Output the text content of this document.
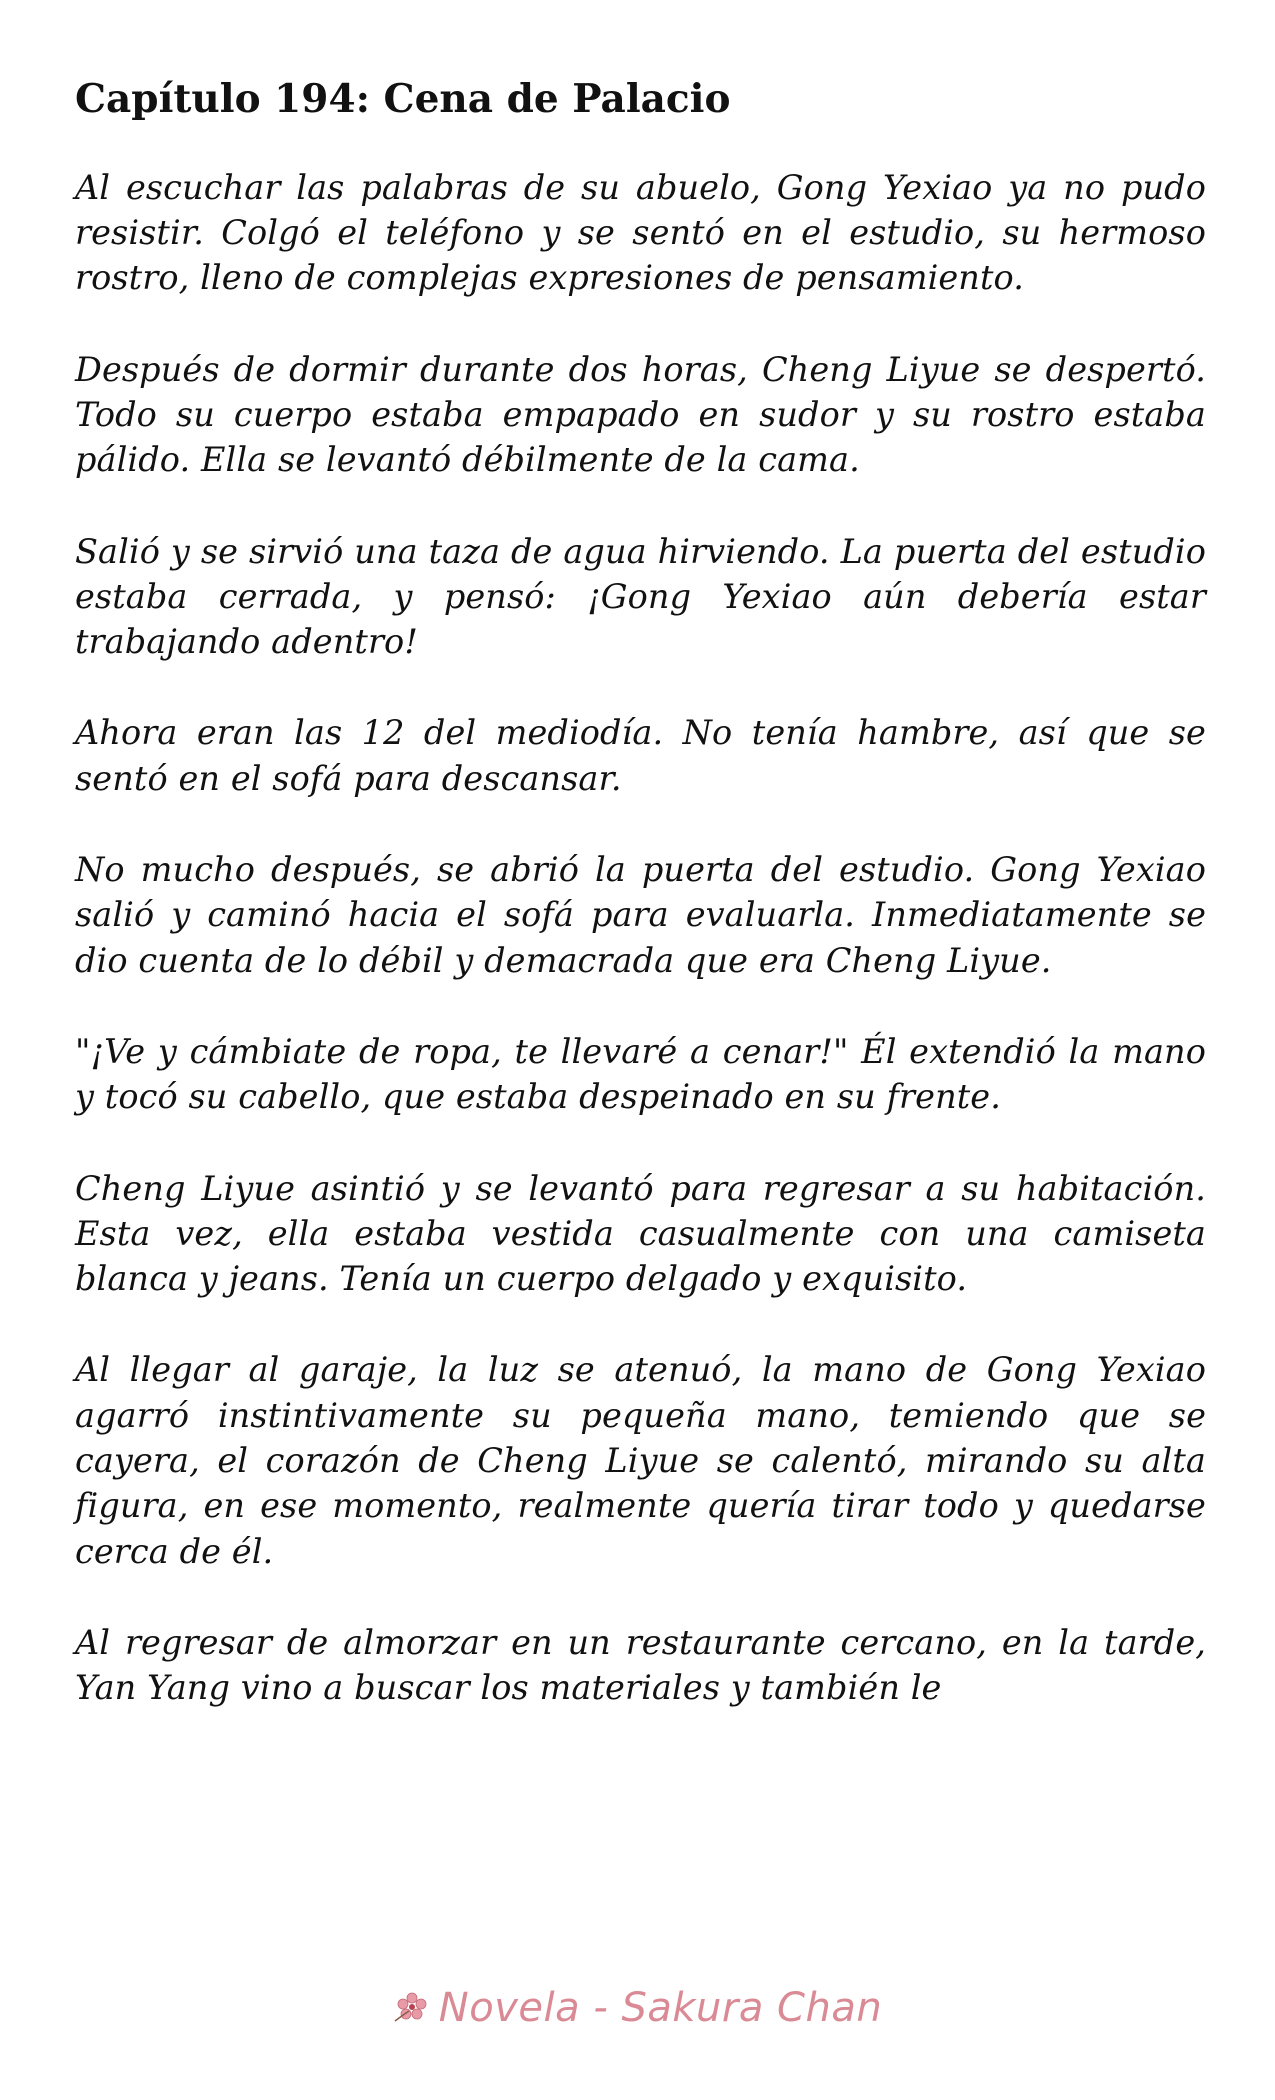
Capítulo 194: Cena de Palacio

Al escuchar las palabras de su abuelo, Gong Yexiao ya no pudo resistir. Colgó el teléfono y se sentó en el estudio, su hermoso rostro, lleno de complejas expresiones de pensamiento.

Después de dormir durante dos horas, Cheng Liyue se despertó. Todo su cuerpo estaba empapado en sudor y su rostro estaba pálido. Ella se levantó débilmente de la cama.

Salió y se sirvió una taza de agua hirviendo. La puerta del estudio estaba cerrada, y pensó: ¡Gong Yexiao aún debería estar trabajando adentro!

Ahora eran las 12 del mediodía. No tenía hambre, así que se sentó en el sofá para descansar.

No mucho después, se abrió la puerta del estudio. Gong Yexiao salió y caminó hacia el sofá para evaluarla. Inmediatamente se dio cuenta de lo débil y demacrada que era Cheng Liyue.

"¡Ve y cámbiate de ropa, te llevaré a cenar!" Él extendió la mano y tocó su cabello, que estaba despeinado en su frente.

Cheng Liyue asintió y se levantó para regresar a su habitación. Esta vez, ella estaba vestida casualmente con una camiseta blanca y jeans. Tenía un cuerpo delgado y exquisito.

Al llegar al garaje, la luz se atenuó, la mano de Gong Yexiao agarró instintivamente su pequeña mano, temiendo que se cayera, el corazón de Cheng Liyue se calentó, mirando su alta figura, en ese momento, realmente quería tirar todo y quedarse cerca de él.

Al regresar de almorzar en un restaurante cercano, en la tarde, Yan Yang vino a buscar los materiales y también le

Novela - Sakura Chan
